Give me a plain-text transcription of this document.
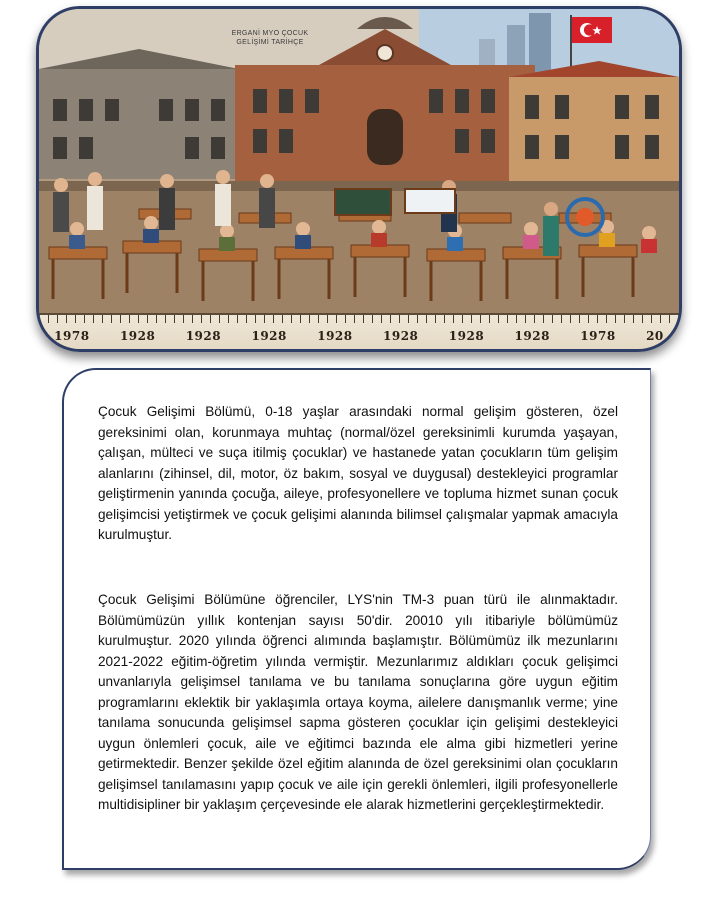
ERGANİ MYO ÇOCUK
GELİŞİMİ TARİHÇE
1978	1928	1928	1928	1928	1928	1928	1928	1978	20

Çocuk Gelişimi Bölümü, 0-18 yaşlar arasındaki normal gelişim gösteren, özel gereksinimi olan, korunmaya muhtaç (normal/özel gereksinimli kurumda yaşayan, çalışan, mülteci ve suça itilmiş çocuklar) ve hastanede yatan çocukların tüm gelişim alanlarını (zihinsel, dil, motor, öz bakım, sosyal ve duygusal) destekleyici programlar geliştirmenin yanında çocuğa, aileye, profesyonellere ve topluma hizmet sunan çocuk gelişimcisi yetiştirmek ve çocuk gelişimi alanında bilimsel çalışmalar yapmak amacıyla kurulmuştur.

Çocuk Gelişimi Bölümüne öğrenciler, LYS'nin TM-3 puan türü ile alınmaktadır. Bölümümüzün yıllık kontenjan sayısı 50'dir. 20010 yılı itibariyle bölümümüz kurulmuştur. 2020 yılında öğrenci alımında başlamıştır. Bölümümüz ilk mezunlarını 2021-2022 eğitim-öğretim yılında vermiştir. Mezunlarımız aldıkları çocuk gelişimci unvanlarıyla gelişimsel tanılama ve bu tanılama sonuçlarına göre uygun eğitim programlarını eklektik bir yaklaşımla ortaya koyma, ailelere danışmanlık verme; yine tanılama sonucunda gelişimsel sapma gösteren çocuklar için gelişimi destekleyici uygun önlemleri çocuk, aile ve eğitimci bazında ele alma gibi hizmetleri yerine getirmektedir. Benzer şekilde özel eğitim alanında de özel gereksinimi olan çocukların gelişimsel tanılamasını yapıp çocuk ve aile için gerekli önlemleri, ilgili profesyonellerle multidisipliner bir yaklaşım çerçevesinde ele alarak hizmetlerini gerçekleştirmektedir.
